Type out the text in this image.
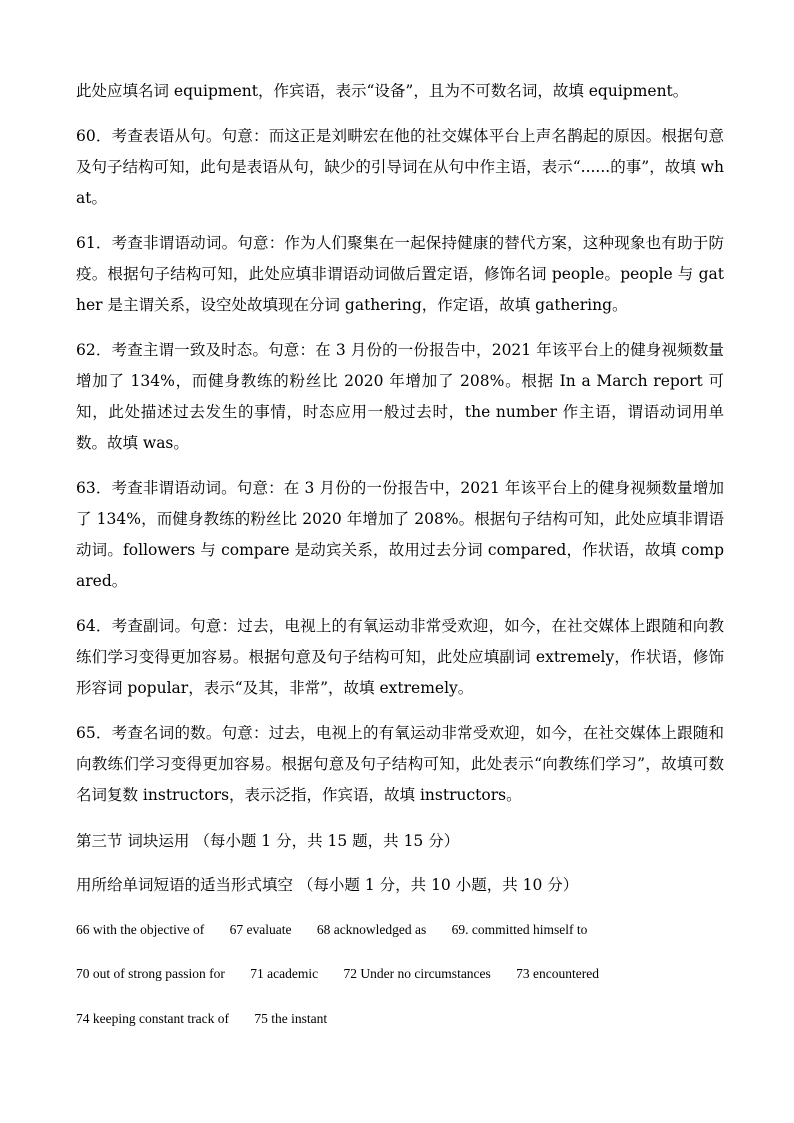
此处应填名词 equipment，作宾语，表示“设备”，且为不可数名词，故填 equipment。

60．考查表语从句。句意：而这正是刘畊宏在他的社交媒体平台上声名鹊起的原因。根据句意及句子结构可知，此句是表语从句，缺少的引导词在从句中作主语，表示“......的事”，故填 what。

61．考查非谓语动词。句意：作为人们聚集在一起保持健康的替代方案，这种现象也有助于防疫。根据句子结构可知，此处应填非谓语动词做后置定语，修饰名词 people。people 与 gather 是主谓关系，设空处故填现在分词 gathering，作定语，故填 gathering。

62．考查主谓一致及时态。句意：在 3 月份的一份报告中，2021 年该平台上的健身视频数量增加了 134%，而健身教练的粉丝比 2020 年增加了 208%。根据 In a March report 可知，此处描述过去发生的事情，时态应用一般过去时，the number 作主语，谓语动词用单数。故填 was。

63．考查非谓语动词。句意：在 3 月份的一份报告中，2021 年该平台上的健身视频数量增加了 134%，而健身教练的粉丝比 2020 年增加了 208%。根据句子结构可知，此处应填非谓语动词。followers 与 compare 是动宾关系，故用过去分词 compared，作状语，故填 compared。

64．考查副词。句意：过去，电视上的有氧运动非常受欢迎，如今，在社交媒体上跟随和向教练们学习变得更加容易。根据句意及句子结构可知，此处应填副词 extremely，作状语，修饰形容词 popular，表示“及其，非常”，故填 extremely。

65．考查名词的数。句意：过去，电视上的有氧运动非常受欢迎，如今，在社交媒体上跟随和向教练们学习变得更加容易。根据句意及句子结构可知，此处表示“向教练们学习”，故填可数名词复数 instructors，表示泛指，作宾语，故填 instructors。

第三节 词块运用 （每小题 1 分，共 15 题，共 15 分）
用所给单词短语的适当形式填空 （每小题 1 分，共 10 小题，共 10 分）
66 with the objective of 67 evaluate 68 acknowledged as 69. committed himself to
70 out of strong passion for 71 academic 72 Under no circumstances 73 encountered
74 keeping constant track of 75 the instant
